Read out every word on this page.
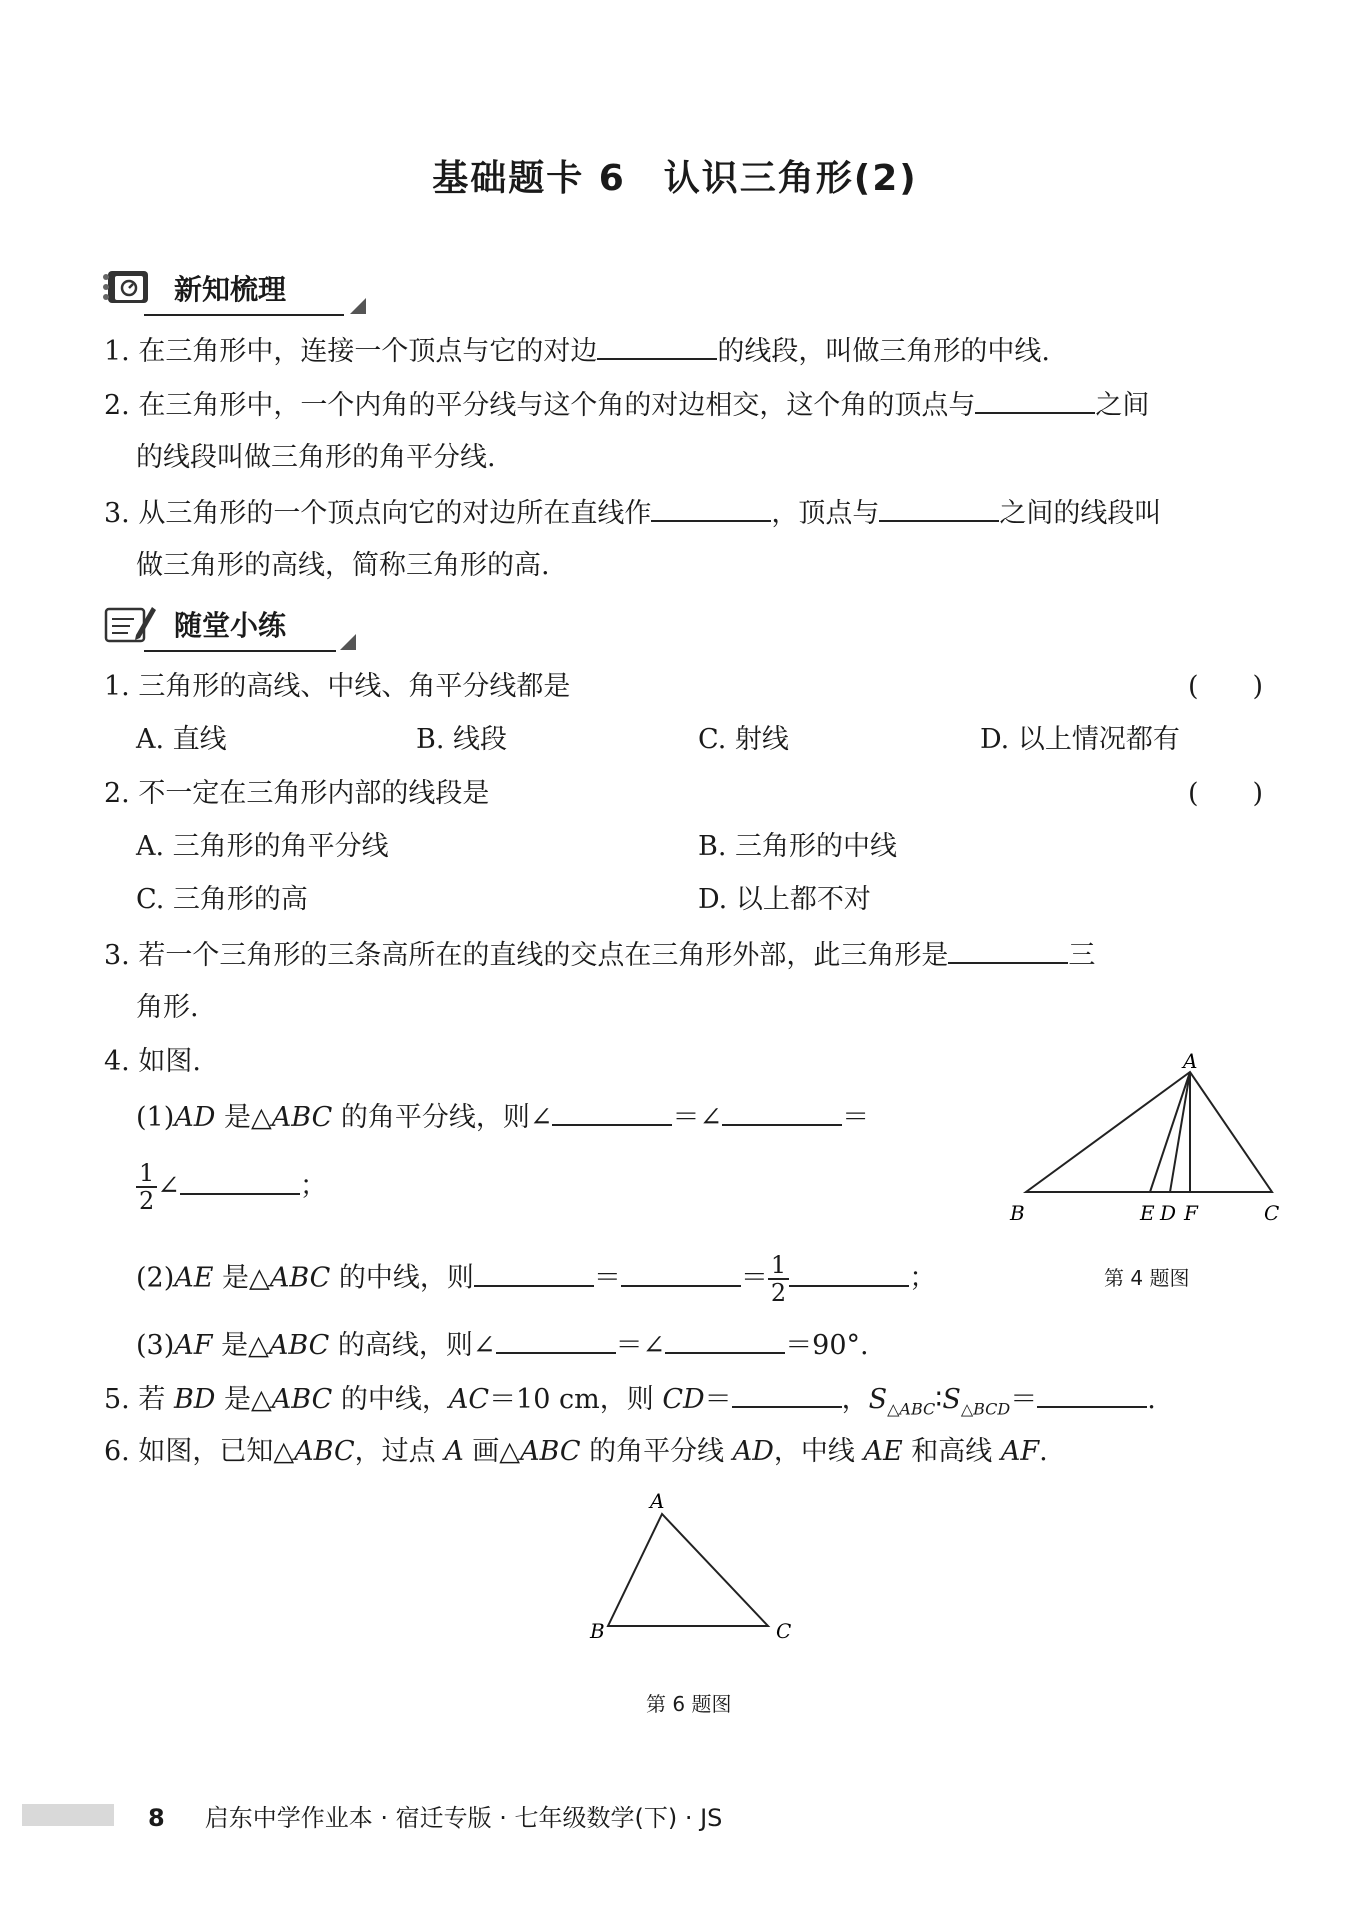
基础题卡 6　认识三角形(2)
新知梳理
1. 在三角形中，连接一个顶点与它的对边	的线段，叫做三角形的中线.
2. 在三角形中，一个内角的平分线与这个角的对边相交，这个角的顶点与	之间
的线段叫做三角形的角平分线.
3. 从三角形的一个顶点向它的对边所在直线作	，顶点与	之间的线段叫
做三角形的高线，简称三角形的高.
随堂小练
1. 三角形的高线、中线、角平分线都是	(　　)
A. 直线	B. 线段	C. 射线	D. 以上情况都有
2. 不一定在三角形内部的线段是	(　　)
A. 三角形的角平分线	B. 三角形的中线
C. 三角形的高	D. 以上都不对
3. 若一个三角形的三条高所在的直线的交点在三角形外部，此三角形是	三
角形.
4. 如图.
(1)AD 是△ABC 的角平分线，则∠	＝∠	＝
$\frac{1}{2}$ ∠	；
(2)AE 是△ABC 的中线，则	＝	＝ $\frac{1}{2}$	；
(3)AF 是△ABC 的高线，则∠	＝∠	＝90°.
A
B	E D F	C
第 4 题图
5. 若 BD 是△ABC 的中线，AC＝10 cm，则 CD＝	，$S_{\triangle ABC}∶S_{\triangle BCD}=$	.
6. 如图，已知△ABC，过点 A 画△ABC 的角平分线 AD，中线 AE 和高线 AF.
A
B	C
第 6 题图
8 启东中学作业本 · 宿迁专版 · 七年级数学(下) · JS
